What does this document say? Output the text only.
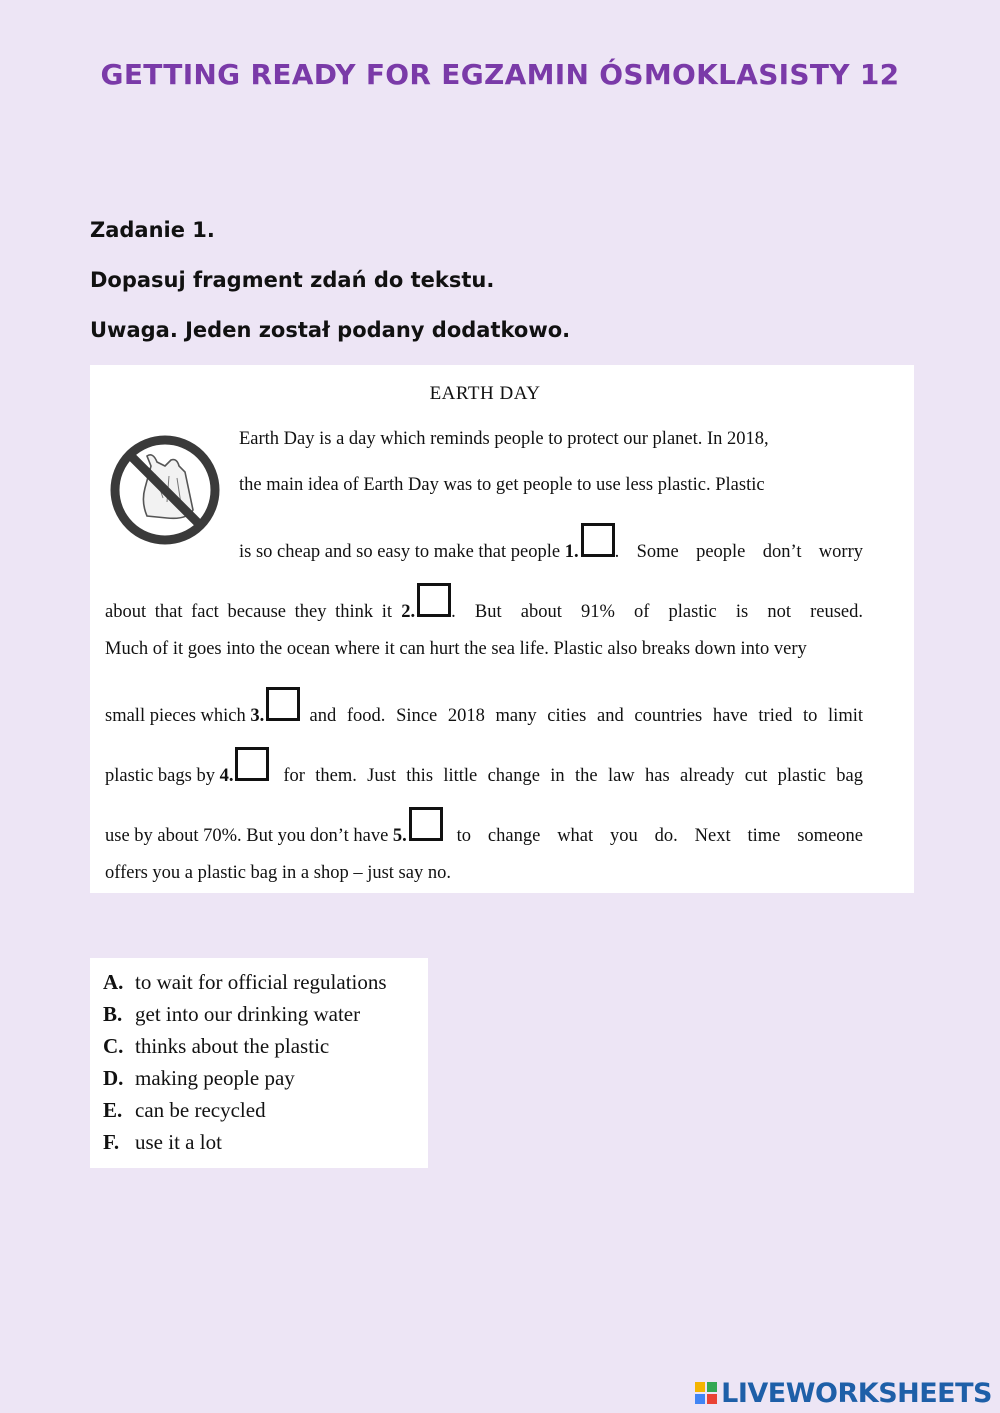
GETTING READY FOR EGZAMIN ÓSMOKLASISTY 12
Zadanie 1.
Dopasuj fragment zdań do tekstu.
Uwaga. Jeden został podany dodatkowo.
EARTH DAY
Earth Day is a day which reminds people to protect our planet. In 2018,
the main idea of Earth Day was to get people to use less plastic. Plastic
is so cheap and so easy to make that people
1. . Some people don’t worry
about that fact because they think it
2. . But about 91% of plastic is not reused.
Much of it goes into the ocean where it can hurt the sea life. Plastic also breaks down into very
small pieces which
3.
and food. Since 2018 many cities and countries have tried to limit
plastic bags by
4.
	for them. Just this little change in the law has already cut plastic bag
use by about 70%. But you don’t have
5.
	to change what you do. Next time someone
offers you a plastic bag in a shop – just say no.
A. to wait for official regulations
B. get into our drinking water
C. thinks about the plastic
D. making people pay
E. can be recycled
F. use it a lot
LIVEWORKSHEETS
